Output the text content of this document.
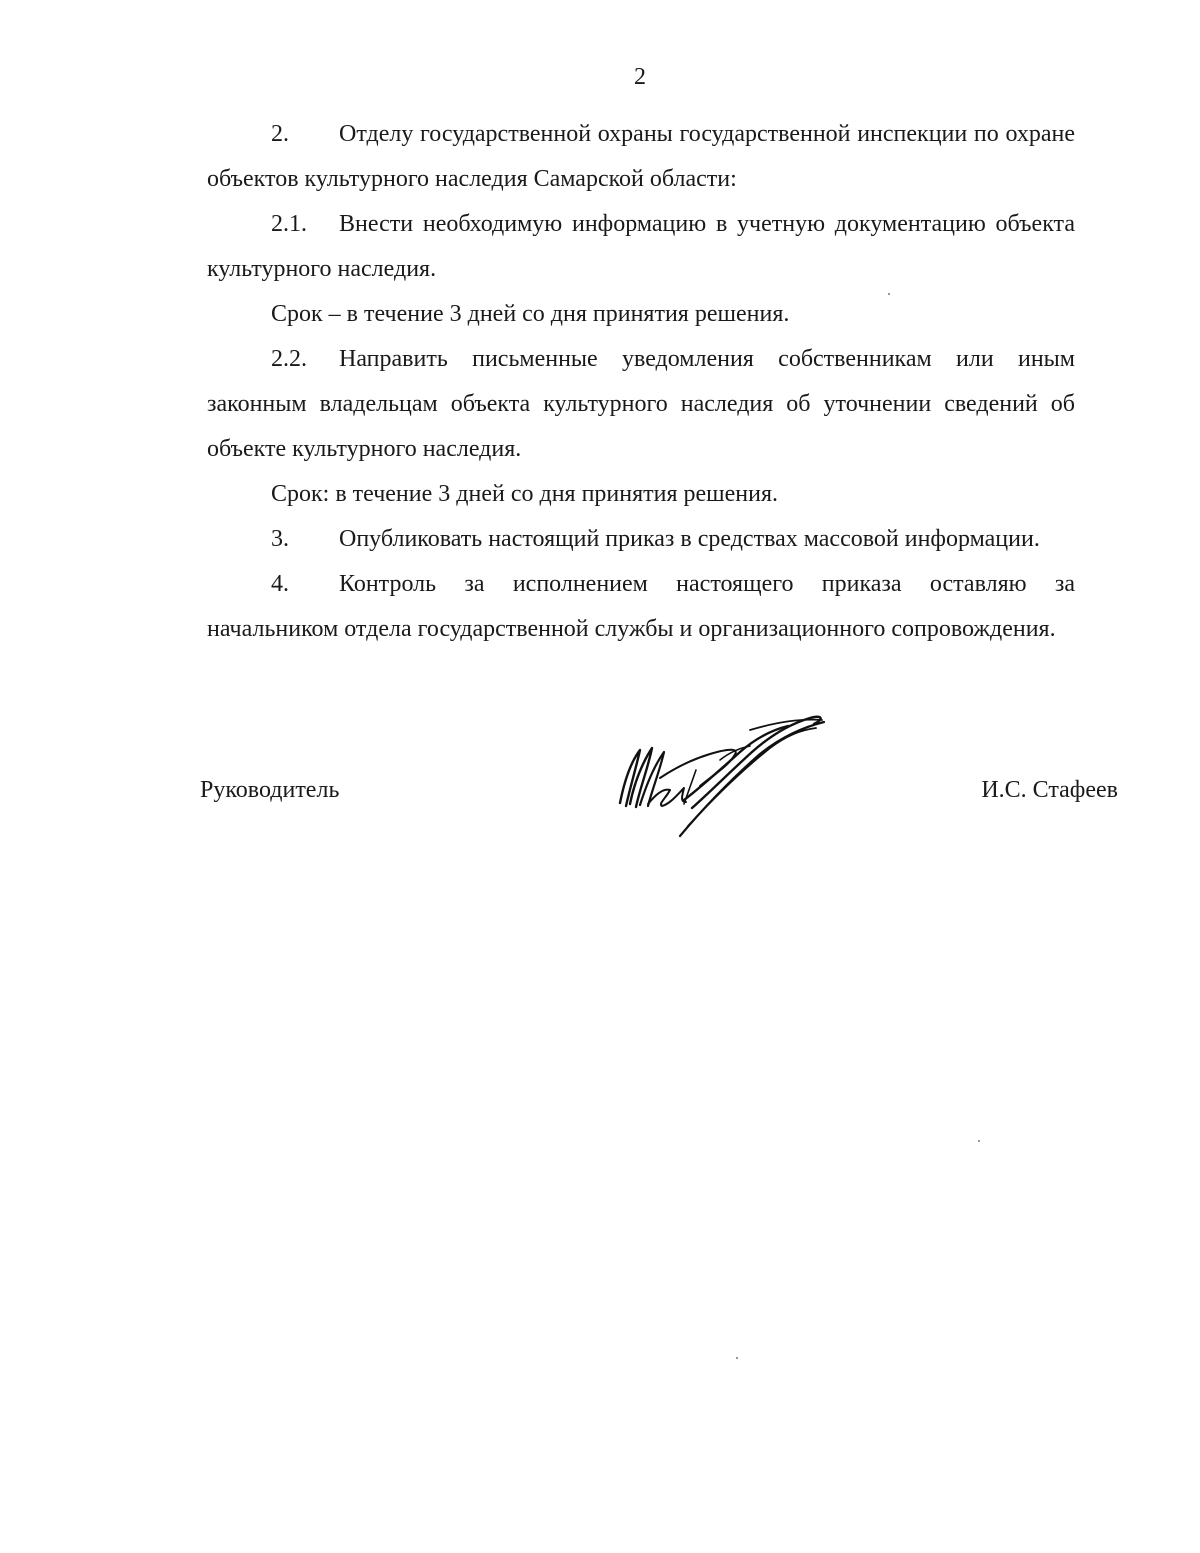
2

2. Отделу государственной охраны государственной инспекции по охране объектов культурного наследия Самарской области:

2.1. Внести необходимую информацию в учетную документацию объекта культурного наследия.

Срок – в течение 3 дней со дня принятия решения.

2.2. Направить письменные уведомления собственникам или иным законным владельцам объекта культурного наследия об уточнении сведений об объекте культурного наследия.

Срок: в течение 3 дней со дня принятия решения.

3. Опубликовать настоящий приказ в средствах массовой информации.

4. Контроль за исполнением настоящего приказа оставляю за начальником отдела государственной службы и организационного сопровождения.

Руководитель	И.С. Стафеев
